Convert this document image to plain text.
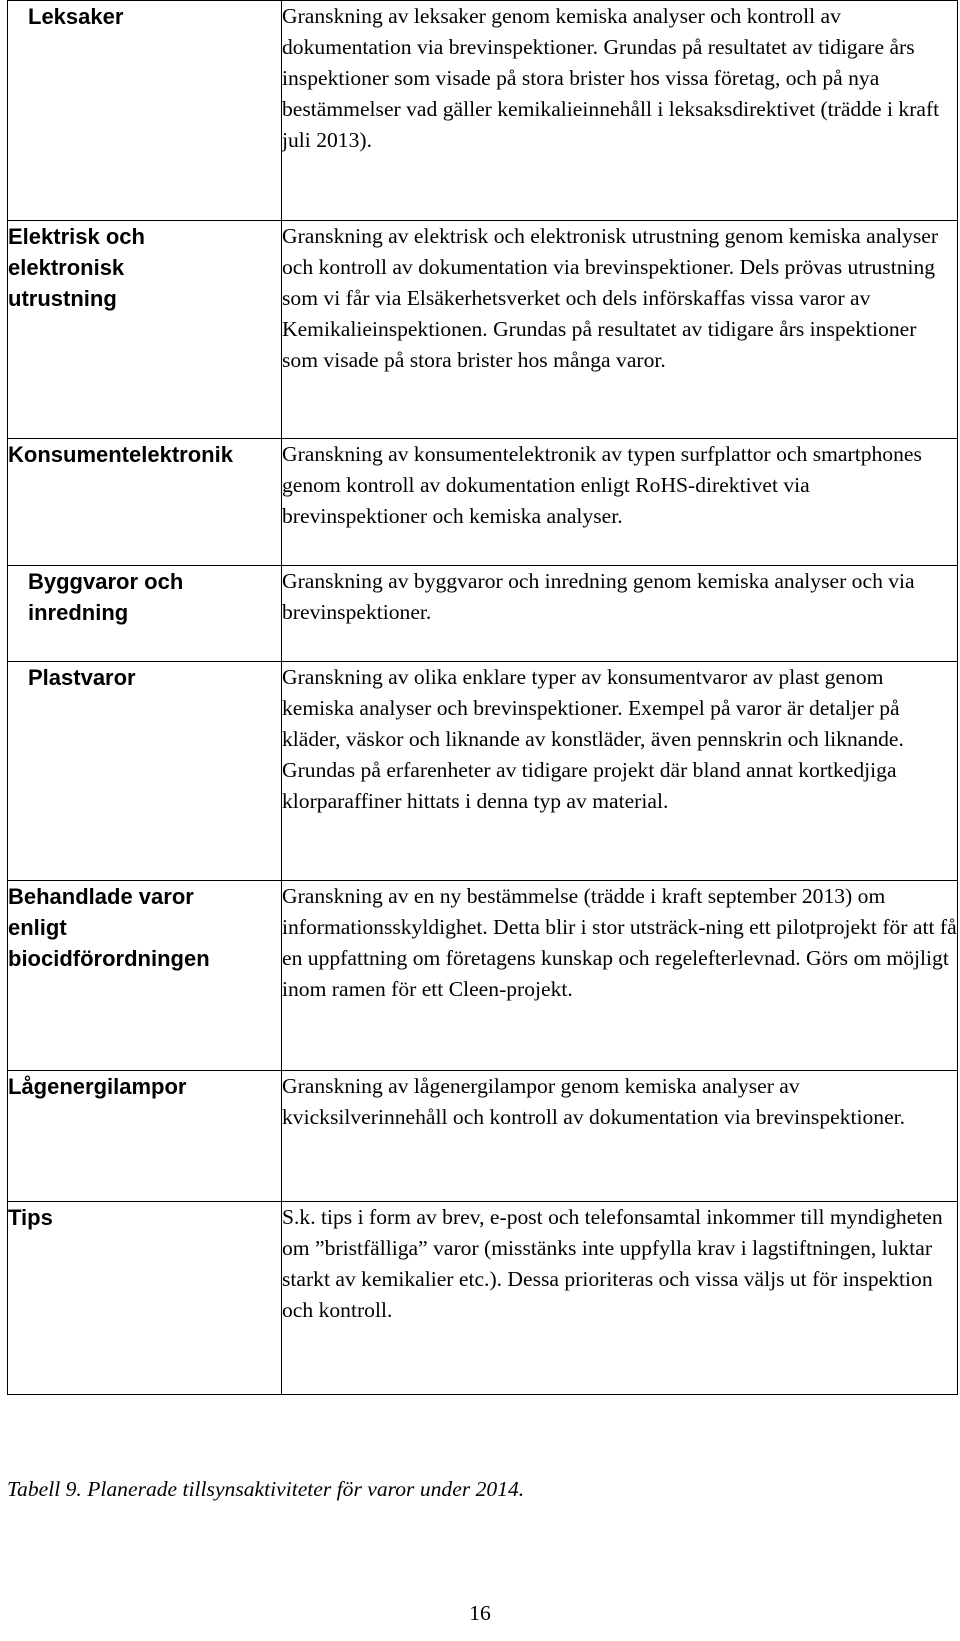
Leksaker	Granskning av leksaker genom kemiska analyser och kontroll av dokumentation via brevinspektioner. Grundas på resultatet av tidigare års inspektioner som visade på stora brister hos vissa företag, och på nya bestämmelser vad gäller kemikalieinnehåll i leksaksdirektivet (trädde i kraft juli 2013).

Elektrisk och elektronisk utrustning	Granskning av elektrisk och elektronisk utrustning genom kemiska analyser och kontroll av dokumentation via brevinspektioner. Dels prövas utrustning som vi får via Elsäkerhetsverket och dels införskaffas vissa varor av Kemikalieinspektionen. Grundas på resultatet av tidigare års inspektioner som visade på stora brister hos många varor.

Konsumentelektronik	Granskning av konsumentelektronik av typen surfplattor och smartphones genom kontroll av dokumentation enligt RoHS-direktivet via brevinspektioner och kemiska analyser.

Byggvaror och inredning	Granskning av byggvaror och inredning genom kemiska analyser och via brevinspektioner.

Plastvaror	Granskning av olika enklare typer av konsumentvaror av plast genom kemiska analyser och brevinspektioner. Exempel på varor är detaljer på kläder, väskor och liknande av konstläder, även pennskrin och liknande. Grundas på erfarenheter av tidigare projekt där bland annat kortkedjiga klorparaffiner hittats i denna typ av material.

Behandlade varor enligt biocidförordningen	Granskning av en ny bestämmelse (trädde i kraft september 2013) om informationsskyldighet. Detta blir i stor utsträck-ning ett pilotprojekt för att få en uppfattning om företagens kunskap och regelefterlevnad. Görs om möjligt inom ramen för ett Cleen-projekt.

Lågenergilampor	Granskning av lågenergilampor genom kemiska analyser av kvicksilverinnehåll och kontroll av dokumentation via brevinspektioner.

Tips	S.k. tips i form av brev, e-post och telefonsamtal inkommer till myndigheten om ”bristfälliga” varor (misstänks inte uppfylla krav i lagstiftningen, luktar starkt av kemikalier etc.). Dessa prioriteras och vissa väljs ut för inspektion och kontroll.
Tabell 9. Planerade tillsynsaktiviteter för varor under 2014.
16
